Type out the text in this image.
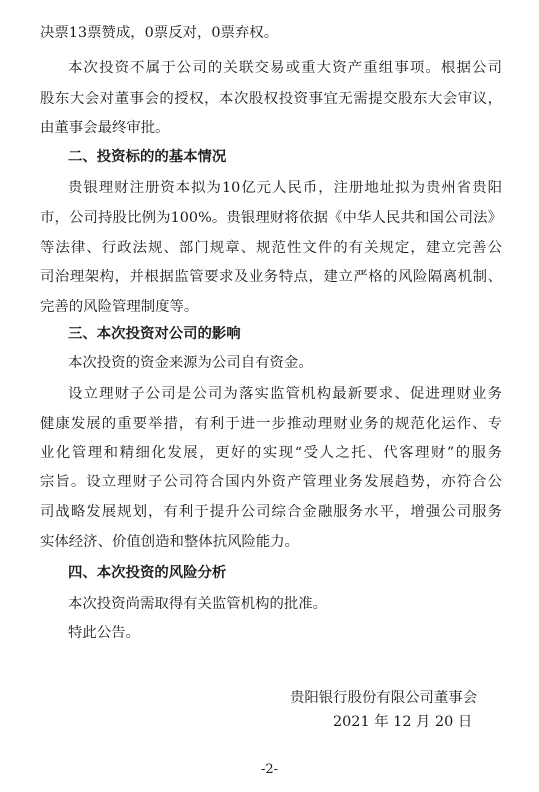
决票13票赞成，0票反对，0票弃权。
本次投资不属于公司的关联交易或重大资产重组事项。根据公司
股东大会对董事会的授权，本次股权投资事宜无需提交股东大会审议，
由董事会最终审批。
二、投资标的的基本情况
贵银理财注册资本拟为10亿元人民币，注册地址拟为贵州省贵阳
市，公司持股比例为100%。贵银理财将依据《中华人民共和国公司法》
等法律、行政法规、部门规章、规范性文件的有关规定，建立完善公
司治理架构，并根据监管要求及业务特点，建立严格的风险隔离机制、
完善的风险管理制度等。
三、本次投资对公司的影响
本次投资的资金来源为公司自有资金。
设立理财子公司是公司为落实监管机构最新要求、促进理财业务
健康发展的重要举措，有利于进一步推动理财业务的规范化运作、专
业化管理和精细化发展，更好的实现“受人之托、代客理财”的服务
宗旨。设立理财子公司符合国内外资产管理业务发展趋势，亦符合公
司战略发展规划，有利于提升公司综合金融服务水平，增强公司服务
实体经济、价值创造和整体抗风险能力。
四、本次投资的风险分析
本次投资尚需取得有关监管机构的批准。
特此公告。
贵阳银行股份有限公司董事会
2021 年 12 月 20 日
-2-
